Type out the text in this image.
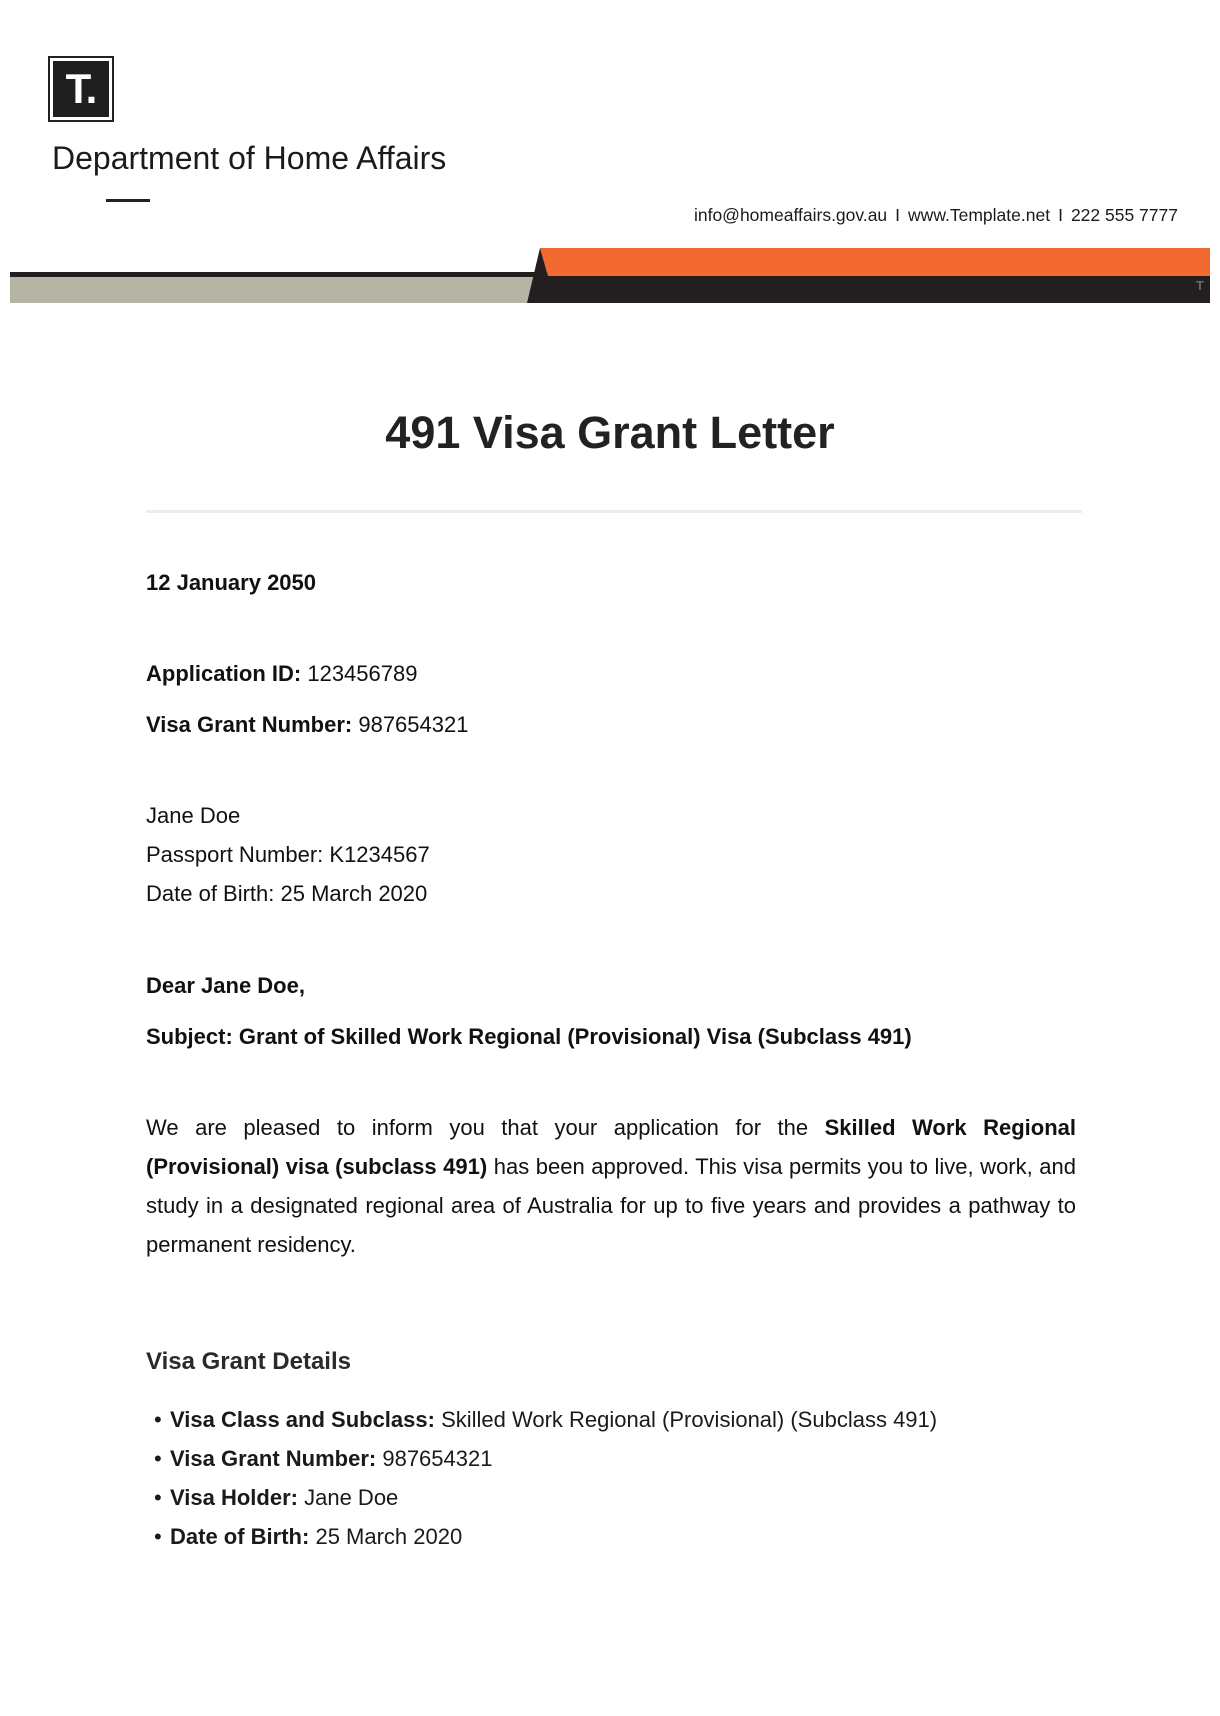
T.
Department of Home Affairs
info@homeaffairs.gov.au I www.Template.net I 222 555 7777
T
491 Visa Grant Letter
12 January 2050
Application ID: 123456789
Visa Grant Number: 987654321
Jane Doe
Passport Number: K1234567
Date of Birth: 25 March 2020
Dear Jane Doe,
Subject: Grant of Skilled Work Regional (Provisional) Visa (Subclass 491)
We are pleased to inform you that your application for the Skilled Work Regional (Provisional) visa (subclass 491) has been approved. This visa permits you to live, work, and study in a designated regional area of Australia for up to five years and provides a pathway to permanent residency.
Visa Grant Details
• Visa Class and Subclass: Skilled Work Regional (Provisional) (Subclass 491)
• Visa Grant Number: 987654321
• Visa Holder: Jane Doe
• Date of Birth: 25 March 2020
